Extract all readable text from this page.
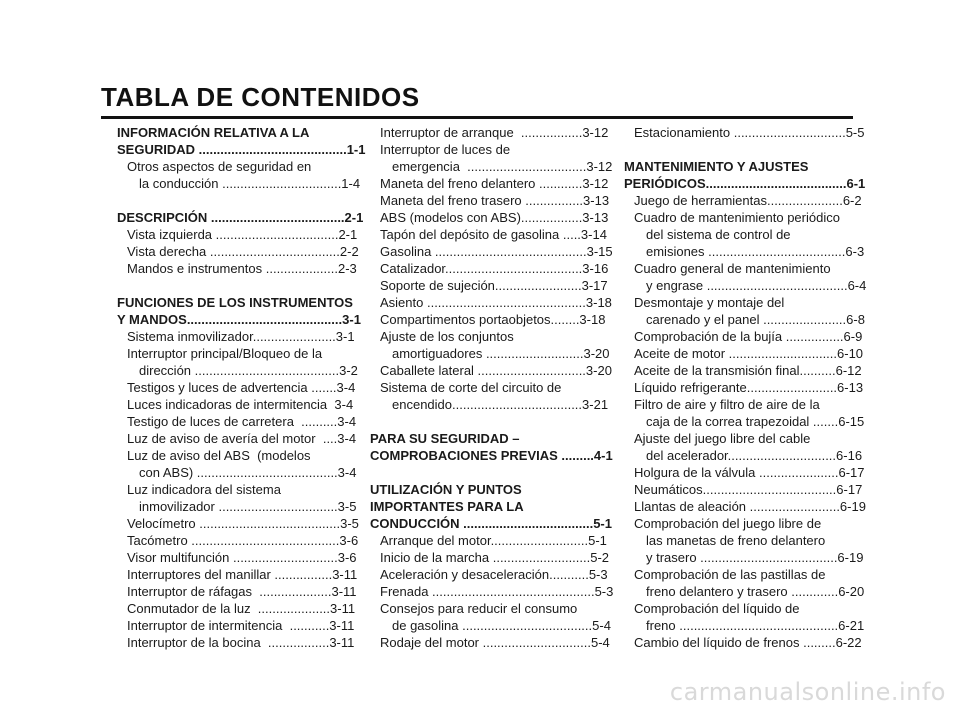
TABLA DE CONTENIDOS
INFORMACIÓN RELATIVA A LA
SEGURIDAD .........................................1-1
Otros aspectos de seguridad en
la conducción .................................1-4
DESCRIPCIÓN .....................................2-1
Vista izquierda ..................................2-1
Vista derecha ....................................2-2
Mandos e instrumentos ....................2-3
FUNCIONES DE LOS INSTRUMENTOS
Y MANDOS...........................................3-1
Sistema inmovilizador.......................3-1
Interruptor principal/Bloqueo de la
dirección ........................................3-2
Testigos y luces de advertencia .......3-4
Luces indicadoras de intermitencia  3-4
Testigo de luces de carretera  ..........3-4
Luz de aviso de avería del motor  ....3-4
Luz de aviso del ABS  (modelos
con ABS) .......................................3-4
Luz indicadora del sistema
inmovilizador .................................3-5
Velocímetro .......................................3-5
Tacómetro .........................................3-6
Visor multifunción .............................3-6
Interruptores del manillar ................3-11
Interruptor de ráfagas  ....................3-11
Conmutador de la luz  ....................3-11
Interruptor de intermitencia  ...........3-11
Interruptor de la bocina  .................3-11
Interruptor de arranque  .................3-12
Interruptor de luces de
emergencia  .................................3-12
Maneta del freno delantero ............3-12
Maneta del freno trasero ................3-13
ABS (modelos con ABS).................3-13
Tapón del depósito de gasolina .....3-14
Gasolina ..........................................3-15
Catalizador......................................3-16
Soporte de sujeción........................3-17
Asiento ............................................3-18
Compartimentos portaobjetos........3-18
Ajuste de los conjuntos
amortiguadores ...........................3-20
Caballete lateral ..............................3-20
Sistema de corte del circuito de
encendido....................................3-21
PARA SU SEGURIDAD –
COMPROBACIONES PREVIAS .........4-1
UTILIZACIÓN Y PUNTOS
IMPORTANTES PARA LA
CONDUCCIÓN ....................................5-1
Arranque del motor...........................5-1
Inicio de la marcha ...........................5-2
Aceleración y desaceleración...........5-3
Frenada .............................................5-3
Consejos para reducir el consumo
de gasolina ....................................5-4
Rodaje del motor ..............................5-4
Estacionamiento ...............................5-5
MANTENIMIENTO Y AJUSTES
PERIÓDICOS.......................................6-1
Juego de herramientas.....................6-2
Cuadro de mantenimiento periódico
del sistema de control de
emisiones ......................................6-3
Cuadro general de mantenimiento
y engrase .......................................6-4
Desmontaje y montaje del
carenado y el panel .......................6-8
Comprobación de la bujía ................6-9
Aceite de motor ..............................6-10
Aceite de la transmisión final..........6-12
Líquido refrigerante.........................6-13
Filtro de aire y filtro de aire de la
caja de la correa trapezoidal .......6-15
Ajuste del juego libre del cable
del acelerador..............................6-16
Holgura de la válvula ......................6-17
Neumáticos.....................................6-17
Llantas de aleación .........................6-19
Comprobación del juego libre de
las manetas de freno delantero
y trasero ......................................6-19
Comprobación de las pastillas de
freno delantero y trasero .............6-20
Comprobación del líquido de
freno ............................................6-21
Cambio del líquido de frenos .........6-22
carmanualsonline.info
